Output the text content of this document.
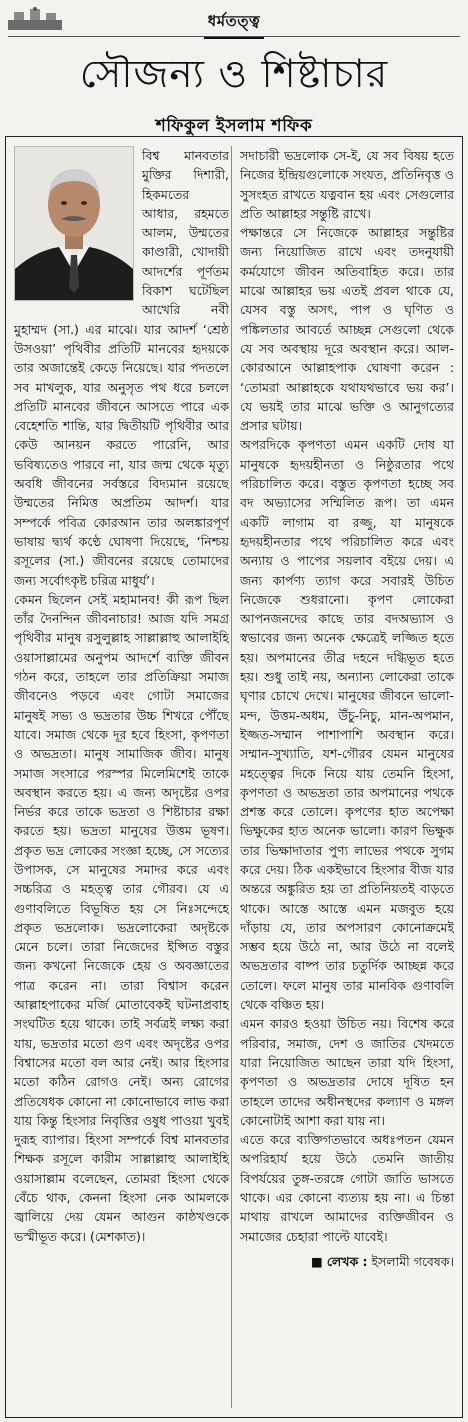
ধর্মতত্ত্ব
সৌজন্য ও শিষ্টাচার
শফিকুল ইসলাম শফিক

বিশ্ব মানবতার মুক্তির দিশারী, হিকমতের আধার, রহমতে আলম, উম্মতের কাণ্ডারী, খোদায়ী আদর্শের পূর্ণতম বিকাশ ঘটেছিল আখেরি নবী মুহাম্মদ (সা.) এর মাঝে। যার আদর্শ ‘শ্রেষ্ঠ উসওয়া’ পৃথিবীর প্রতিটি মানবের হৃদয়কে তার অজান্তেই কেড়ে নিয়েছে। যার পদতলে সব মাখলুক, যার অনুসৃত পথ ধরে চললে প্রতিটি মানবের জীবনে আসতে পারে এক বেহেশতি শান্তি, যার দ্বিতীয়টি পৃথিবীর আর কেউ আনয়ন করতে পারেনি, আর ভবিষ্যতেও পারবে না, যার জন্ম থেকে মৃত্যু অবধি জীবনের সর্বস্তরে বিদ্যমান রয়েছে উম্মতের নিমিত্ত অপ্রতিম আদর্শ। যার সম্পর্কে পবিত্র কোরআন তার অলঙ্কারপূর্ণ ভাষায় দ্ব্যর্থ কণ্ঠে ঘোষণা দিয়েছে, ‘নিশ্চয় রসূলের (সা.) জীবনের রয়েছে তোমাদের জন্য সর্বোৎকৃষ্ট চরিত্র মাধুর্য’।

কেমন ছিলেন সেই মহামানব! কী রূপ ছিল তাঁর দৈনন্দিন জীবনাচার! আজ যদি সমগ্র পৃথিবীর মানুষ রসুলুল্লাহ সাল্লাল্লাহু আলাইহি ওয়াসাল্লামের অনুপম আদর্শে ব্যক্তি জীবন গঠন করে, তাহলে তার প্রতিক্রিয়া সমাজ জীবনেও পড়বে এবং গোটা সমাজের মানুষই সভ্য ও ভদ্রতার উচ্চ শিখরে পৌঁছে যাবে। সমাজ থেকে দূর হবে হিংসা, কৃপণতা ও অভদ্রতা। মানুষ সামাজিক জীব। মানুষ সমাজ সংসারে পরস্পর মিলেমিশেই তাকে অবস্থান করতে হয়। এ জন্য অদৃষ্টের ওপর নির্ভর করে তাকে ভদ্রতা ও শিষ্টাচার রক্ষা করতে হয়। ভদ্রতা মানুষের উত্তম ভূষণ। প্রকৃত ভদ্র লোকের সংজ্ঞা হচ্ছে, সে সত্যের উপাসক, সে মানুষের সমাদর করে এবং সচ্চরিত্র ও মহত্ত্ব তার গৌরব। যে এ গুণাবলিতে বিভূষিত হয় সে নিঃসন্দেহে প্রকৃত ভদ্রলোক। ভদ্রলোকেরা অদৃষ্টকে মেনে চলে। তারা নিজেদের ইপ্সিত বস্তুর জন্য কখনো নিজেকে হেয় ও অবজ্ঞাতের পাত্র করেন না। তারা বিশ্বাস করেন আল্লাহপাকের মর্জি মোতাবেকই ঘটনাপ্রবাহ সংঘটিত হয়ে থাকে। তাই সর্বত্রই লক্ষ্য করা যায়, ভদ্রতার মতো গুণ এবং অদৃষ্টের ওপর বিশ্বাসের মতো বল আর নেই। আর হিংসার মতো কঠিন রোগও নেই। অন্য রোগের প্রতিষেধক কোনো না কোনোভাবে লাভ করা যায় কিন্তু হিংসার নিবৃত্তির ওষুধ পাওয়া খুবই দুরূহ ব্যাপার। হিংসা সম্পর্কে বিশ্ব মানবতার শিক্ষক রসূলে কারীম সাল্লাল্লাহু আলাইহি ওয়াসাল্লাম বলেছেন, তোমরা হিংসা থেকে বেঁচে থাক, কেননা হিংসা নেক আমলকে জ্বালিয়ে দেয় যেমন আগুন কাষ্ঠখণ্ডকে ভস্মীভূত করে। (মেশকাত)।

সদাচারী ভদ্রলোক সে-ই, যে সব বিষয় হতে নিজের ইন্দ্রিয়গুলোকে সংযত, প্রতিনিবৃত্ত ও সুসংহত রাখতে যত্নবান হয় এবং সেগুলোর প্রতি আল্লাহর সন্তুষ্টি রাখে।

পক্ষান্তরে সে নিজেকে আল্লাহর সন্তুষ্টির জন্য নিয়োজিত রাখে এবং তদনুযায়ী কর্মযোগে জীবন অতিবাহিত করে। তার মাঝে আল্লাহর ভয় এতই প্রবল থাকে যে, যেসব বস্তু অসৎ, পাপ ও ঘৃণিত ও পঙ্কিলতার আবর্তে আচ্ছন্ন সেগুলো থেকে যে সব অবস্থায় দূরে অবস্থান করে। আল-কোরআনে আল্লাহপাক ঘোষণা করেন : ‘তোমরা আল্লাহকে যথাযথভাবে ভয় কর’। যে ভয়ই তার মাঝে ভক্তি ও আনুগত্যের প্রসার ঘটায়।

অপরদিকে কৃপণতা এমন একটি দোষ যা মানুষকে হৃদয়হীনতা ও নিষ্ঠুরতার পথে পরিচালিত করে। বস্তুত কৃপণতা হচ্ছে সব বদ অভ্যাসের সম্মিলিত রূপ। তা এমন একটি লাগাম বা রজ্জু, যা মানুষকে হৃদয়হীনতার পথে পরিচালিত করে এবং অন্যায় ও পাপের সয়লাব বইয়ে দেয়। এ জন্য কার্পণ্য ত্যাগ করে সবারই উচিত নিজেকে শুধরানো। কৃপণ লোকেরা আপনজনদের কাছে তার বদঅভ্যাস ও স্বভাবের জন্য অনেক ক্ষেত্রেই লজ্জিত হতে হয়। অপমানের তীব্র দহনে দগ্ধিভূত হতে হয়। শুধু তাই নয়, অন্যান্য লোকেরা তাকে ঘৃণার চোখে দেখে। মানুষের জীবনে ভালো-মন্দ, উত্তম-অধম, উঁচু-নিচু, মান-অপমান, ইজ্জত-সম্মান পাশাপাশি অবস্থান করে। সম্মান-সুখ্যাতি, যশ-গৌরব যেমন মানুষের মহত্ত্বের দিকে নিয়ে যায় তেমনি হিংসা, কৃপণতা ও অভদ্রতা তার অপমানের পথকে প্রশস্ত করে তোলে। কৃপণের হাত অপেক্ষা ভিক্ষুকের হাত অনেক ভালো। কারণ ভিক্ষুক তার ভিক্ষাদাতার পুণ্য লাভের পথকে সুগম করে দেয়। ঠিক একইভাবে হিংসার বীজ যার অন্তরে অঙ্কুরিত হয় তা প্রতিনিয়তই বাড়তে থাকে। আস্তে আস্তে এমন মজবুত হয়ে দাঁড়ায় যে, তার অপসারণ কোনোক্রমেই সম্ভব হয়ে উঠে না, আর উঠে না বলেই অভদ্রতার বাষ্প তার চতুর্দিক আচ্ছন্ন করে তোলে। ফলে মানুষ তার মানবিক গুণাবলি থেকে বঞ্চিত হয়।

এমন কারও হওয়া উচিত নয়। বিশেষ করে পরিবার, সমাজ, দেশ ও জাতির খেদমতে যারা নিয়োজিত আছেন তারা যদি হিংসা, কৃপণতা ও অভদ্রতার দোষে দূষিত হন তাহলে তাদের অধীনস্থদের কল্যাণ ও মঙ্গল কোনোটাই আশা করা যায় না।

এতে করে ব্যক্তিগতভাবে অধঃপতন যেমন অপরিহার্য হয়ে উঠে তেমনি জাতীয় বিপর্যয়ের তুঙ্গ-তরঙ্গে গোটা জাতি ভাসতে থাকে। এর কোনো ব্যত্যয় হয় না। এ চিন্তা মাথায় রাখলে আমাদের ব্যক্তিজীবন ও সমাজের চেহারা পাল্টে যাবেই।

■ লেখক : ইসলামী গবেষক।
